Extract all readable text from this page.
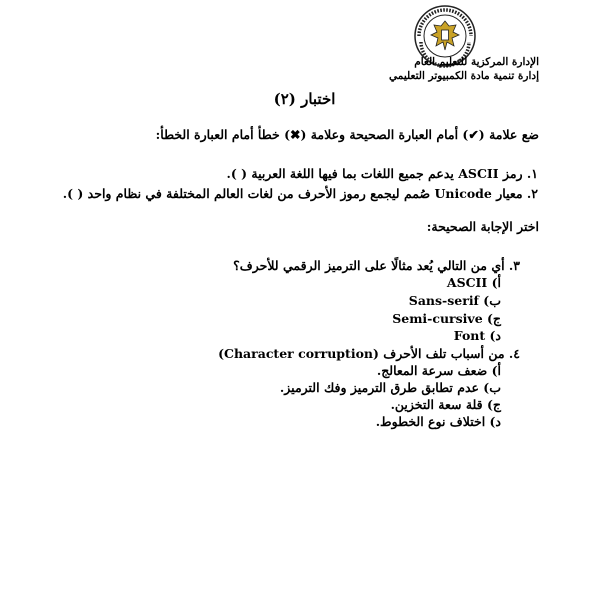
الإدارة المركزية للتعليم العام
إدارة تنمية مادة الكمبيوتر التعليمي
اختبار (٢)
ضع علامة (✔) أمام العبارة الصحيحة وعلامة (✖) خطأ أمام العبارة الخطأ:
١. رمز ASCII يدعم جميع اللغات بما فيها اللغة العربية ( ).
٢. معيار Unicode صُمم ليجمع رموز الأحرف من لغات العالم المختلفة في نظام واحد ( ).
اختر الإجابة الصحيحة:
٣. أي من التالي يُعد مثالًا على الترميز الرقمي للأحرف؟
أ) ASCII
ب) Sans-serif
ج) Semi-cursive
د) Font
٤. من أسباب تلف الأحرف (Character corruption)
أ) ضعف سرعة المعالج.
ب) عدم تطابق طرق الترميز وفك الترميز.
ج) قلة سعة التخزين.
د) اختلاف نوع الخطوط.
